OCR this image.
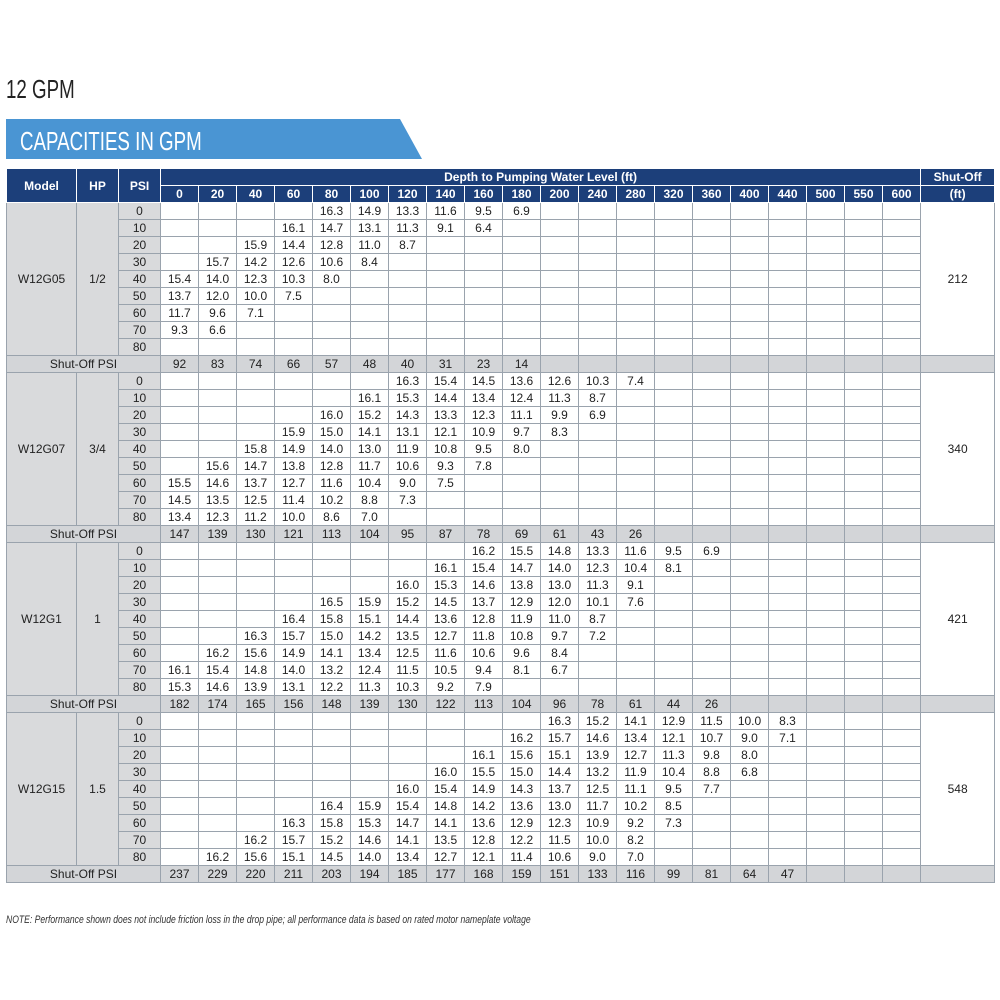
12 GPM
CAPACITIES IN GPM
Model	HP	PSI	Depth to Pumping Water Level (ft)																				Shut-Off
			0	20	40	60	80	100	120	140	160	180	200	240	280	320	360	400	440	500	550	600	(ft)
W12G05	1/2	0					16.3	14.9	13.3	11.6	9.5	6.9											212
		10				16.1	14.7	13.1	11.3	9.1	6.4												
		20			15.9	14.4	12.8	11.0	8.7														
		30		15.7	14.2	12.6	10.6	8.4															
		40	15.4	14.0	12.3	10.3	8.0																
		50	13.7	12.0	10.0	7.5																	
		60	11.7	9.6	7.1																		
		70	9.3	6.6																			
		80																					
Shut-Off PSI			92	83	74	66	57	48	40	31	23	14											
W12G07	3/4	0							16.3	15.4	14.5	13.6	12.6	10.3	7.4								340
		10						16.1	15.3	14.4	13.4	12.4	11.3	8.7									
		20					16.0	15.2	14.3	13.3	12.3	11.1	9.9	6.9									
		30				15.9	15.0	14.1	13.1	12.1	10.9	9.7	8.3										
		40			15.8	14.9	14.0	13.0	11.9	10.8	9.5	8.0											
		50		15.6	14.7	13.8	12.8	11.7	10.6	9.3	7.8												
		60	15.5	14.6	13.7	12.7	11.6	10.4	9.0	7.5													
		70	14.5	13.5	12.5	11.4	10.2	8.8	7.3														
		80	13.4	12.3	11.2	10.0	8.6	7.0															
Shut-Off PSI			147	139	130	121	113	104	95	87	78	69	61	43	26								
W12G1	1	0									16.2	15.5	14.8	13.3	11.6	9.5	6.9						421
		10								16.1	15.4	14.7	14.0	12.3	10.4	8.1							
		20							16.0	15.3	14.6	13.8	13.0	11.3	9.1								
		30					16.5	15.9	15.2	14.5	13.7	12.9	12.0	10.1	7.6								
		40				16.4	15.8	15.1	14.4	13.6	12.8	11.9	11.0	8.7									
		50			16.3	15.7	15.0	14.2	13.5	12.7	11.8	10.8	9.7	7.2									
		60		16.2	15.6	14.9	14.1	13.4	12.5	11.6	10.6	9.6	8.4										
		70	16.1	15.4	14.8	14.0	13.2	12.4	11.5	10.5	9.4	8.1	6.7										
		80	15.3	14.6	13.9	13.1	12.2	11.3	10.3	9.2	7.9												
Shut-Off PSI			182	174	165	156	148	139	130	122	113	104	96	78	61	44	26						
W12G15	1.5	0											16.3	15.2	14.1	12.9	11.5	10.0	8.3				548
		10										16.2	15.7	14.6	13.4	12.1	10.7	9.0	7.1				
		20									16.1	15.6	15.1	13.9	12.7	11.3	9.8	8.0					
		30								16.0	15.5	15.0	14.4	13.2	11.9	10.4	8.8	6.8					
		40							16.0	15.4	14.9	14.3	13.7	12.5	11.1	9.5	7.7						
		50					16.4	15.9	15.4	14.8	14.2	13.6	13.0	11.7	10.2	8.5							
		60				16.3	15.8	15.3	14.7	14.1	13.6	12.9	12.3	10.9	9.2	7.3							
		70			16.2	15.7	15.2	14.6	14.1	13.5	12.8	12.2	11.5	10.0	8.2								
		80		16.2	15.6	15.1	14.5	14.0	13.4	12.7	12.1	11.4	10.6	9.0	7.0								
Shut-Off PSI			237	229	220	211	203	194	185	177	168	159	151	133	116	99	81	64	47				
NOTE: Performance shown does not include friction loss in the drop pipe; all performance data is based on rated motor nameplate voltage
